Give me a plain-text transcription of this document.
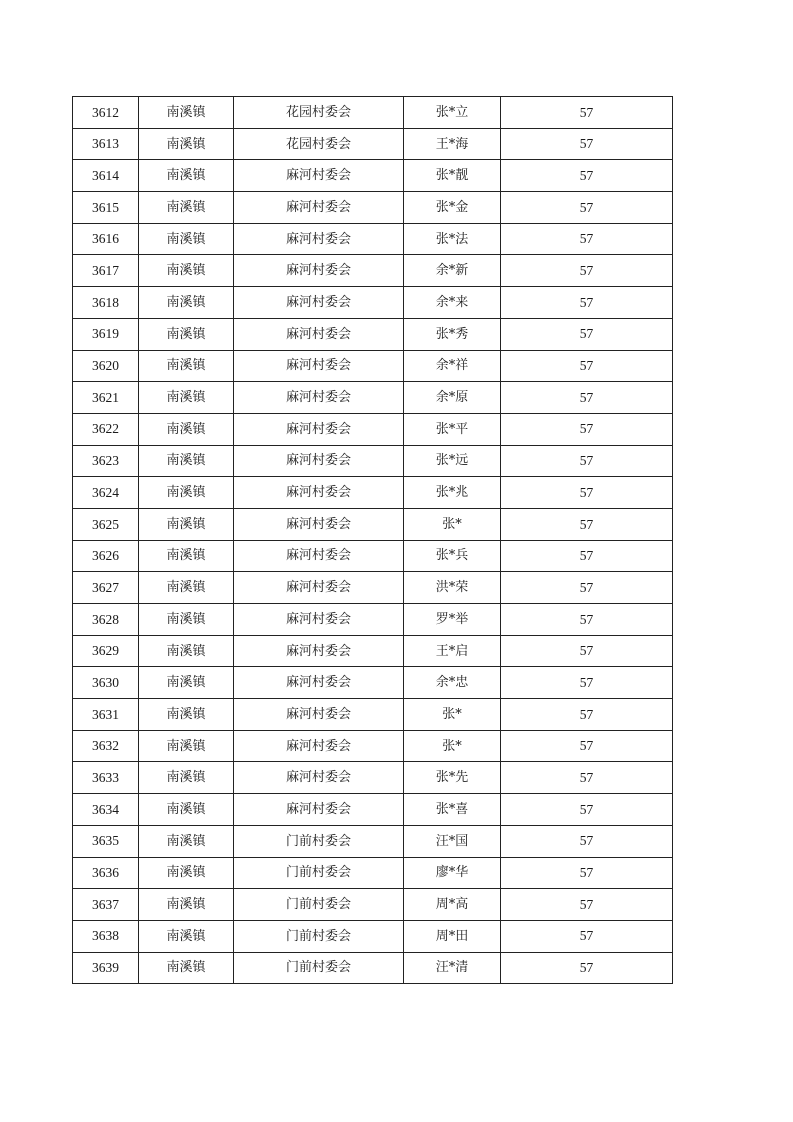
3612	南溪镇	花园村委会	张*立	57
3613	南溪镇	花园村委会	王*海	57
3614	南溪镇	麻河村委会	张*靓	57
3615	南溪镇	麻河村委会	张*金	57
3616	南溪镇	麻河村委会	张*法	57
3617	南溪镇	麻河村委会	余*新	57
3618	南溪镇	麻河村委会	余*来	57
3619	南溪镇	麻河村委会	张*秀	57
3620	南溪镇	麻河村委会	余*祥	57
3621	南溪镇	麻河村委会	余*原	57
3622	南溪镇	麻河村委会	张*平	57
3623	南溪镇	麻河村委会	张*远	57
3624	南溪镇	麻河村委会	张*兆	57
3625	南溪镇	麻河村委会	张*	57
3626	南溪镇	麻河村委会	张*兵	57
3627	南溪镇	麻河村委会	洪*荣	57
3628	南溪镇	麻河村委会	罗*举	57
3629	南溪镇	麻河村委会	王*启	57
3630	南溪镇	麻河村委会	余*忠	57
3631	南溪镇	麻河村委会	张*	57
3632	南溪镇	麻河村委会	张*	57
3633	南溪镇	麻河村委会	张*先	57
3634	南溪镇	麻河村委会	张*喜	57
3635	南溪镇	门前村委会	汪*国	57
3636	南溪镇	门前村委会	廖*华	57
3637	南溪镇	门前村委会	周*高	57
3638	南溪镇	门前村委会	周*田	57
3639	南溪镇	门前村委会	汪*清	57
